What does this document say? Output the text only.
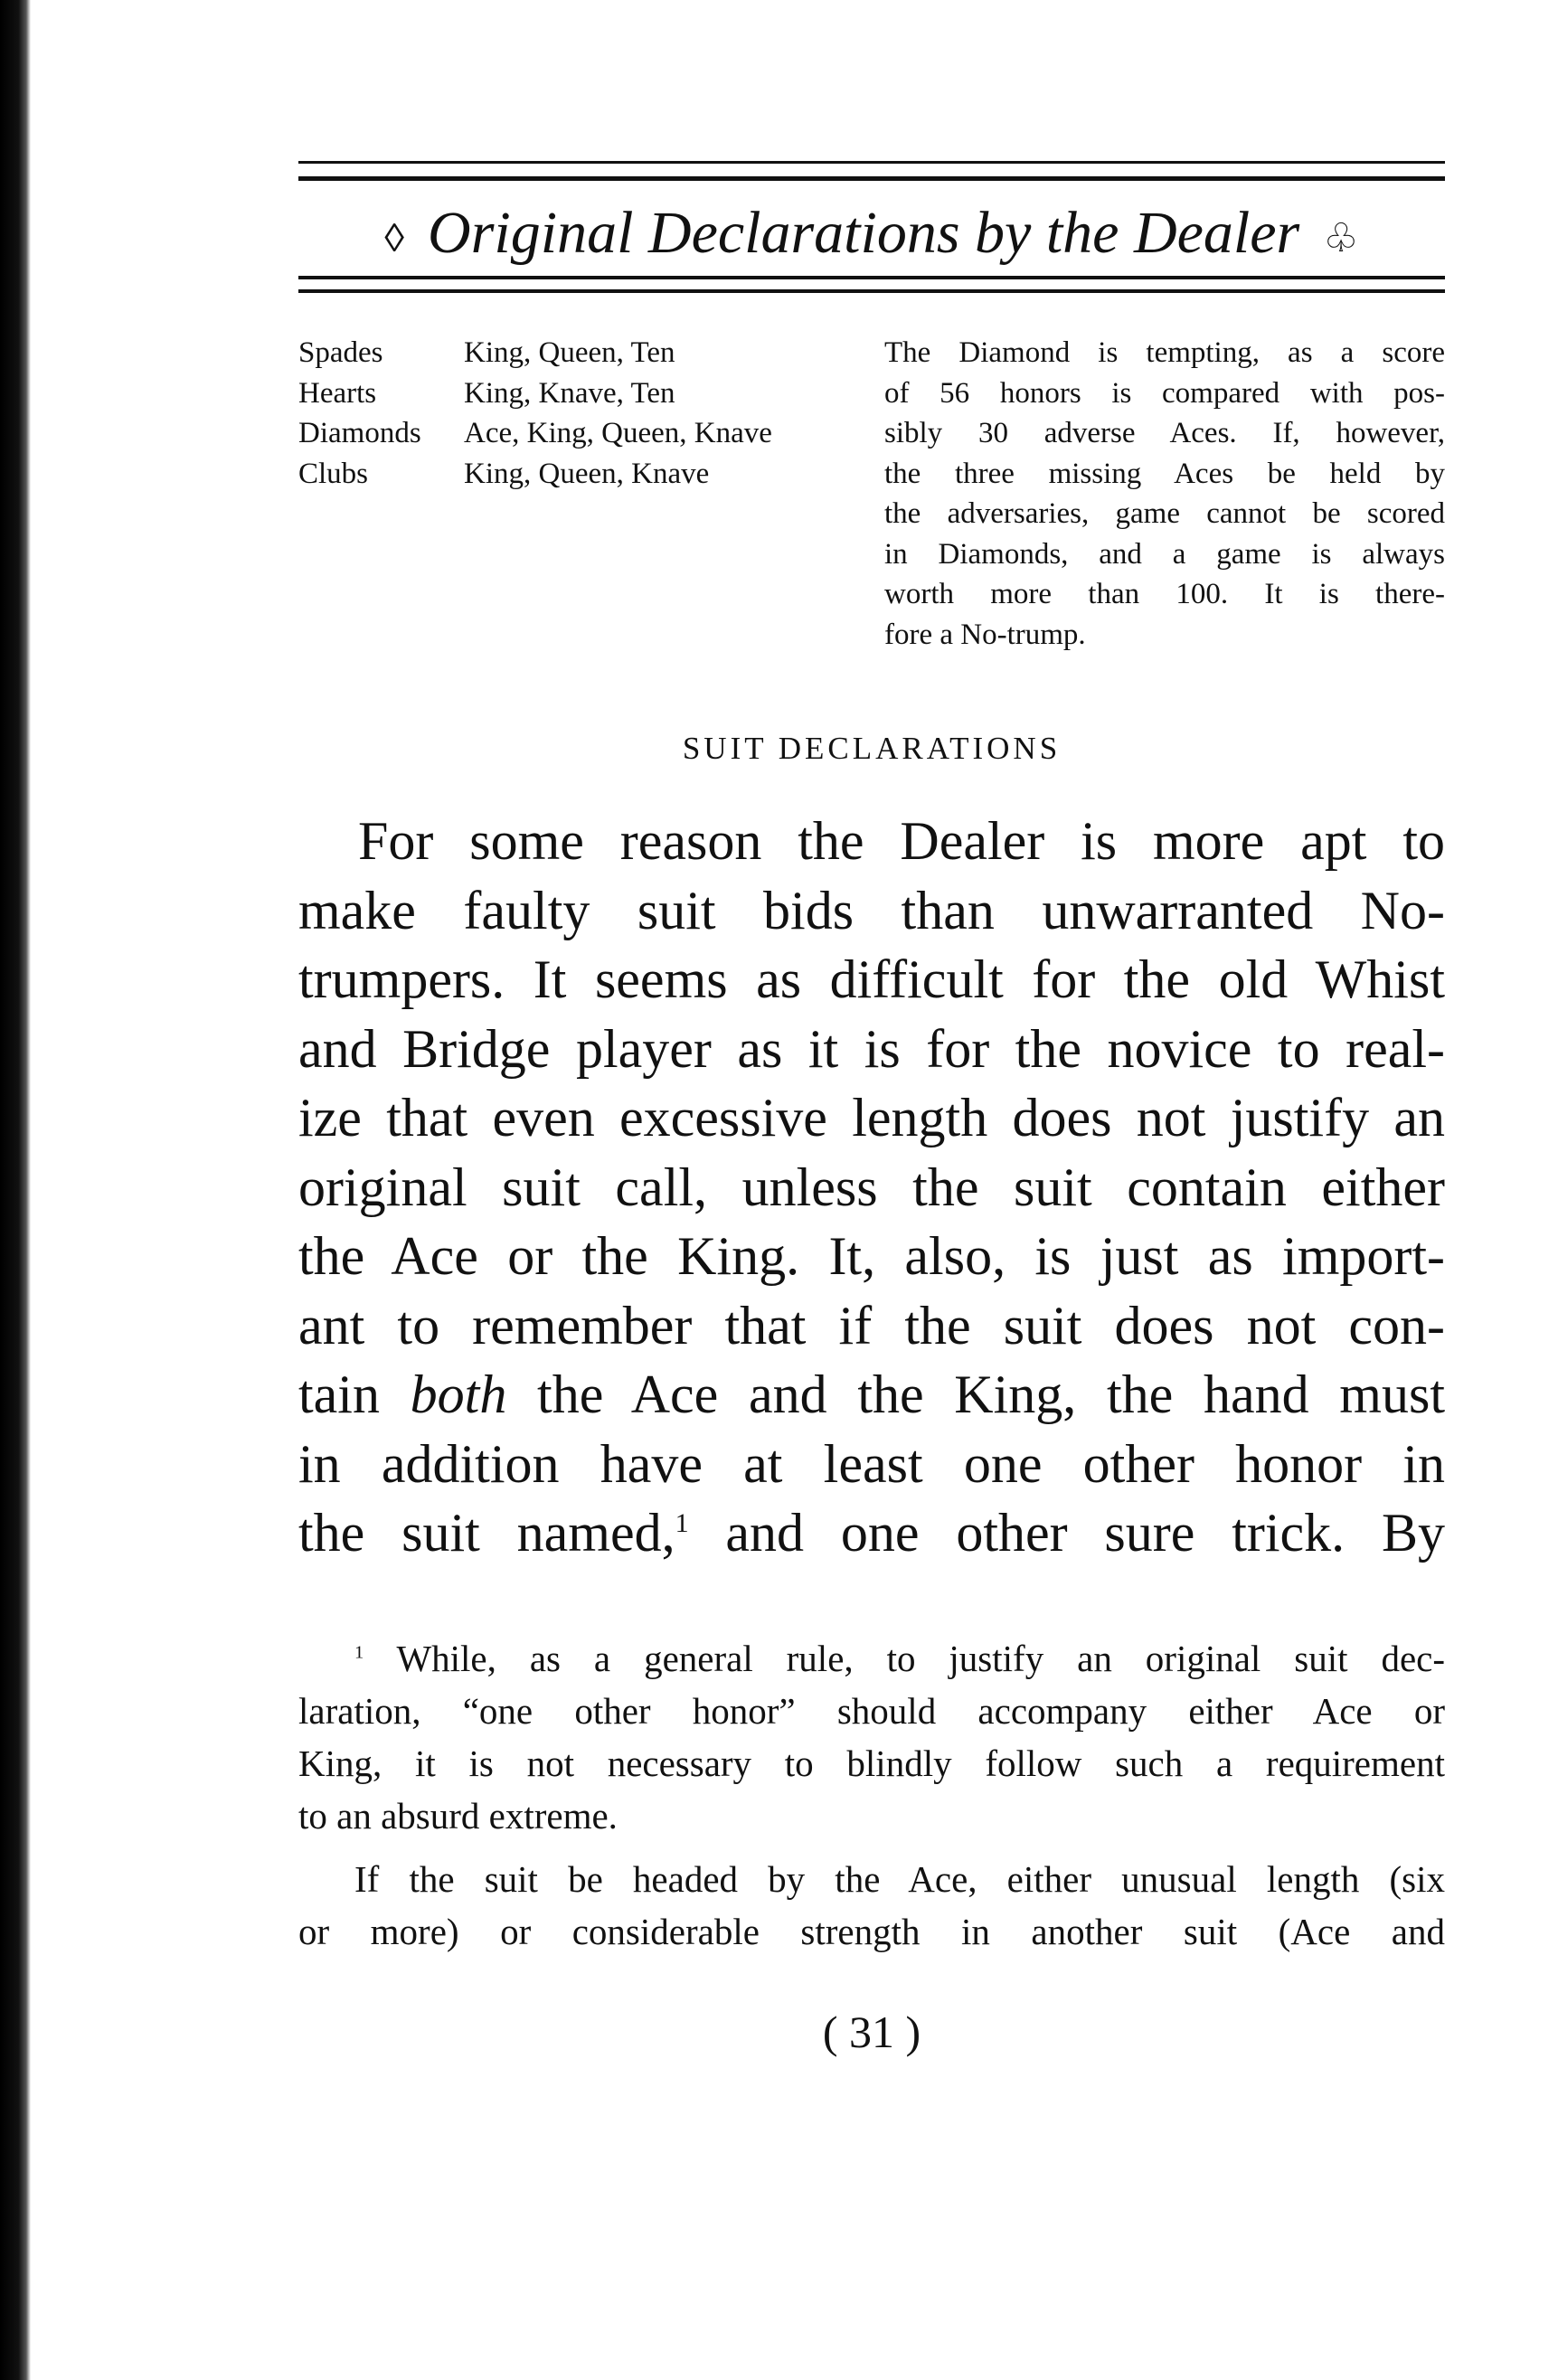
◊ Original Declarations by the Dealer ♧
Spades	King, Queen, Ten
Hearts	King, Knave, Ten
Diamonds	Ace, King, Queen, Knave
Clubs	King, Queen, Knave
The Diamond is tempting, as a score
of 56 honors is compared with pos-
sibly 30 adverse Aces. If, however,
the three missing Aces be held by
the adversaries, game cannot be scored
in Diamonds, and a game is always
worth more than 100. It is there-
fore a No-trump.
SUIT DECLARATIONS
For some reason the Dealer is more apt to
make faulty suit bids than unwarranted No-
trumpers. It seems as difficult for the old Whist
and Bridge player as it is for the novice to real-
ize that even excessive length does not justify an
original suit call, unless the suit contain either
the Ace or the King. It, also, is just as import-
ant to remember that if the suit does not con-
tain both the Ace and the King, the hand must
in addition have at least one other honor in
the suit named,$^1$ and one other sure trick. By
$^1$ While, as a general rule, to justify an original suit dec-
laration, “one other honor” should accompany either Ace or
King, it is not necessary to blindly follow such a requirement
to an absurd extreme.
If the suit be headed by the Ace, either unusual length (six
or more) or considerable strength in another suit (Ace and
( 31 )
